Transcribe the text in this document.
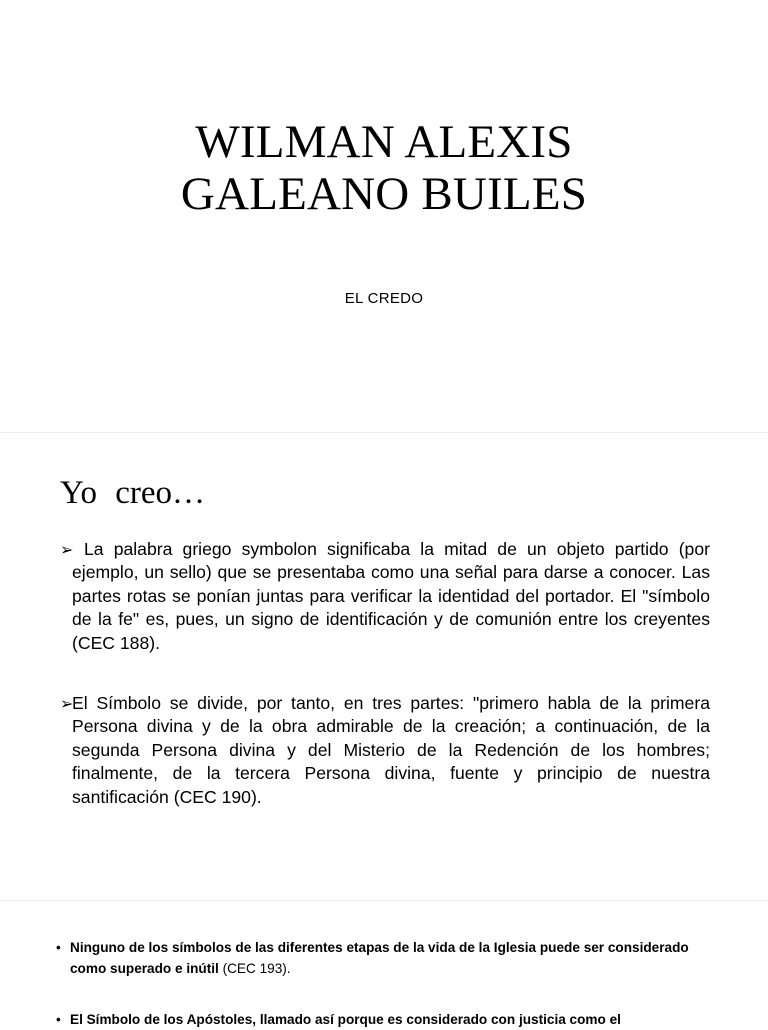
WILMAN ALEXIS
GALEANO BUILES
EL CREDO
Yo creo…
➢ La palabra griego symbolon significaba la mitad de un objeto partido (por ejemplo, un sello) que se presentaba como una señal para darse a conocer. Las partes rotas se ponían juntas para verificar la identidad del portador. El "símbolo de la fe" es, pues, un signo de identificación y de comunión entre los creyentes (CEC 188).
➢
El Símbolo se divide, por tanto, en tres partes: "primero habla de la primera Persona divina y de la obra admirable de la creación; a continuación, de la segunda Persona divina y del Misterio de la Redención de los hombres; finalmente, de la tercera Persona divina, fuente y principio de nuestra santificación (CEC 190).
• Ninguno de los símbolos de las diferentes etapas de la vida de la Iglesia puede ser considerado como superado e inútil (CEC 193).
• El Símbolo de los Apóstoles, llamado así porque es considerado con justicia como el
